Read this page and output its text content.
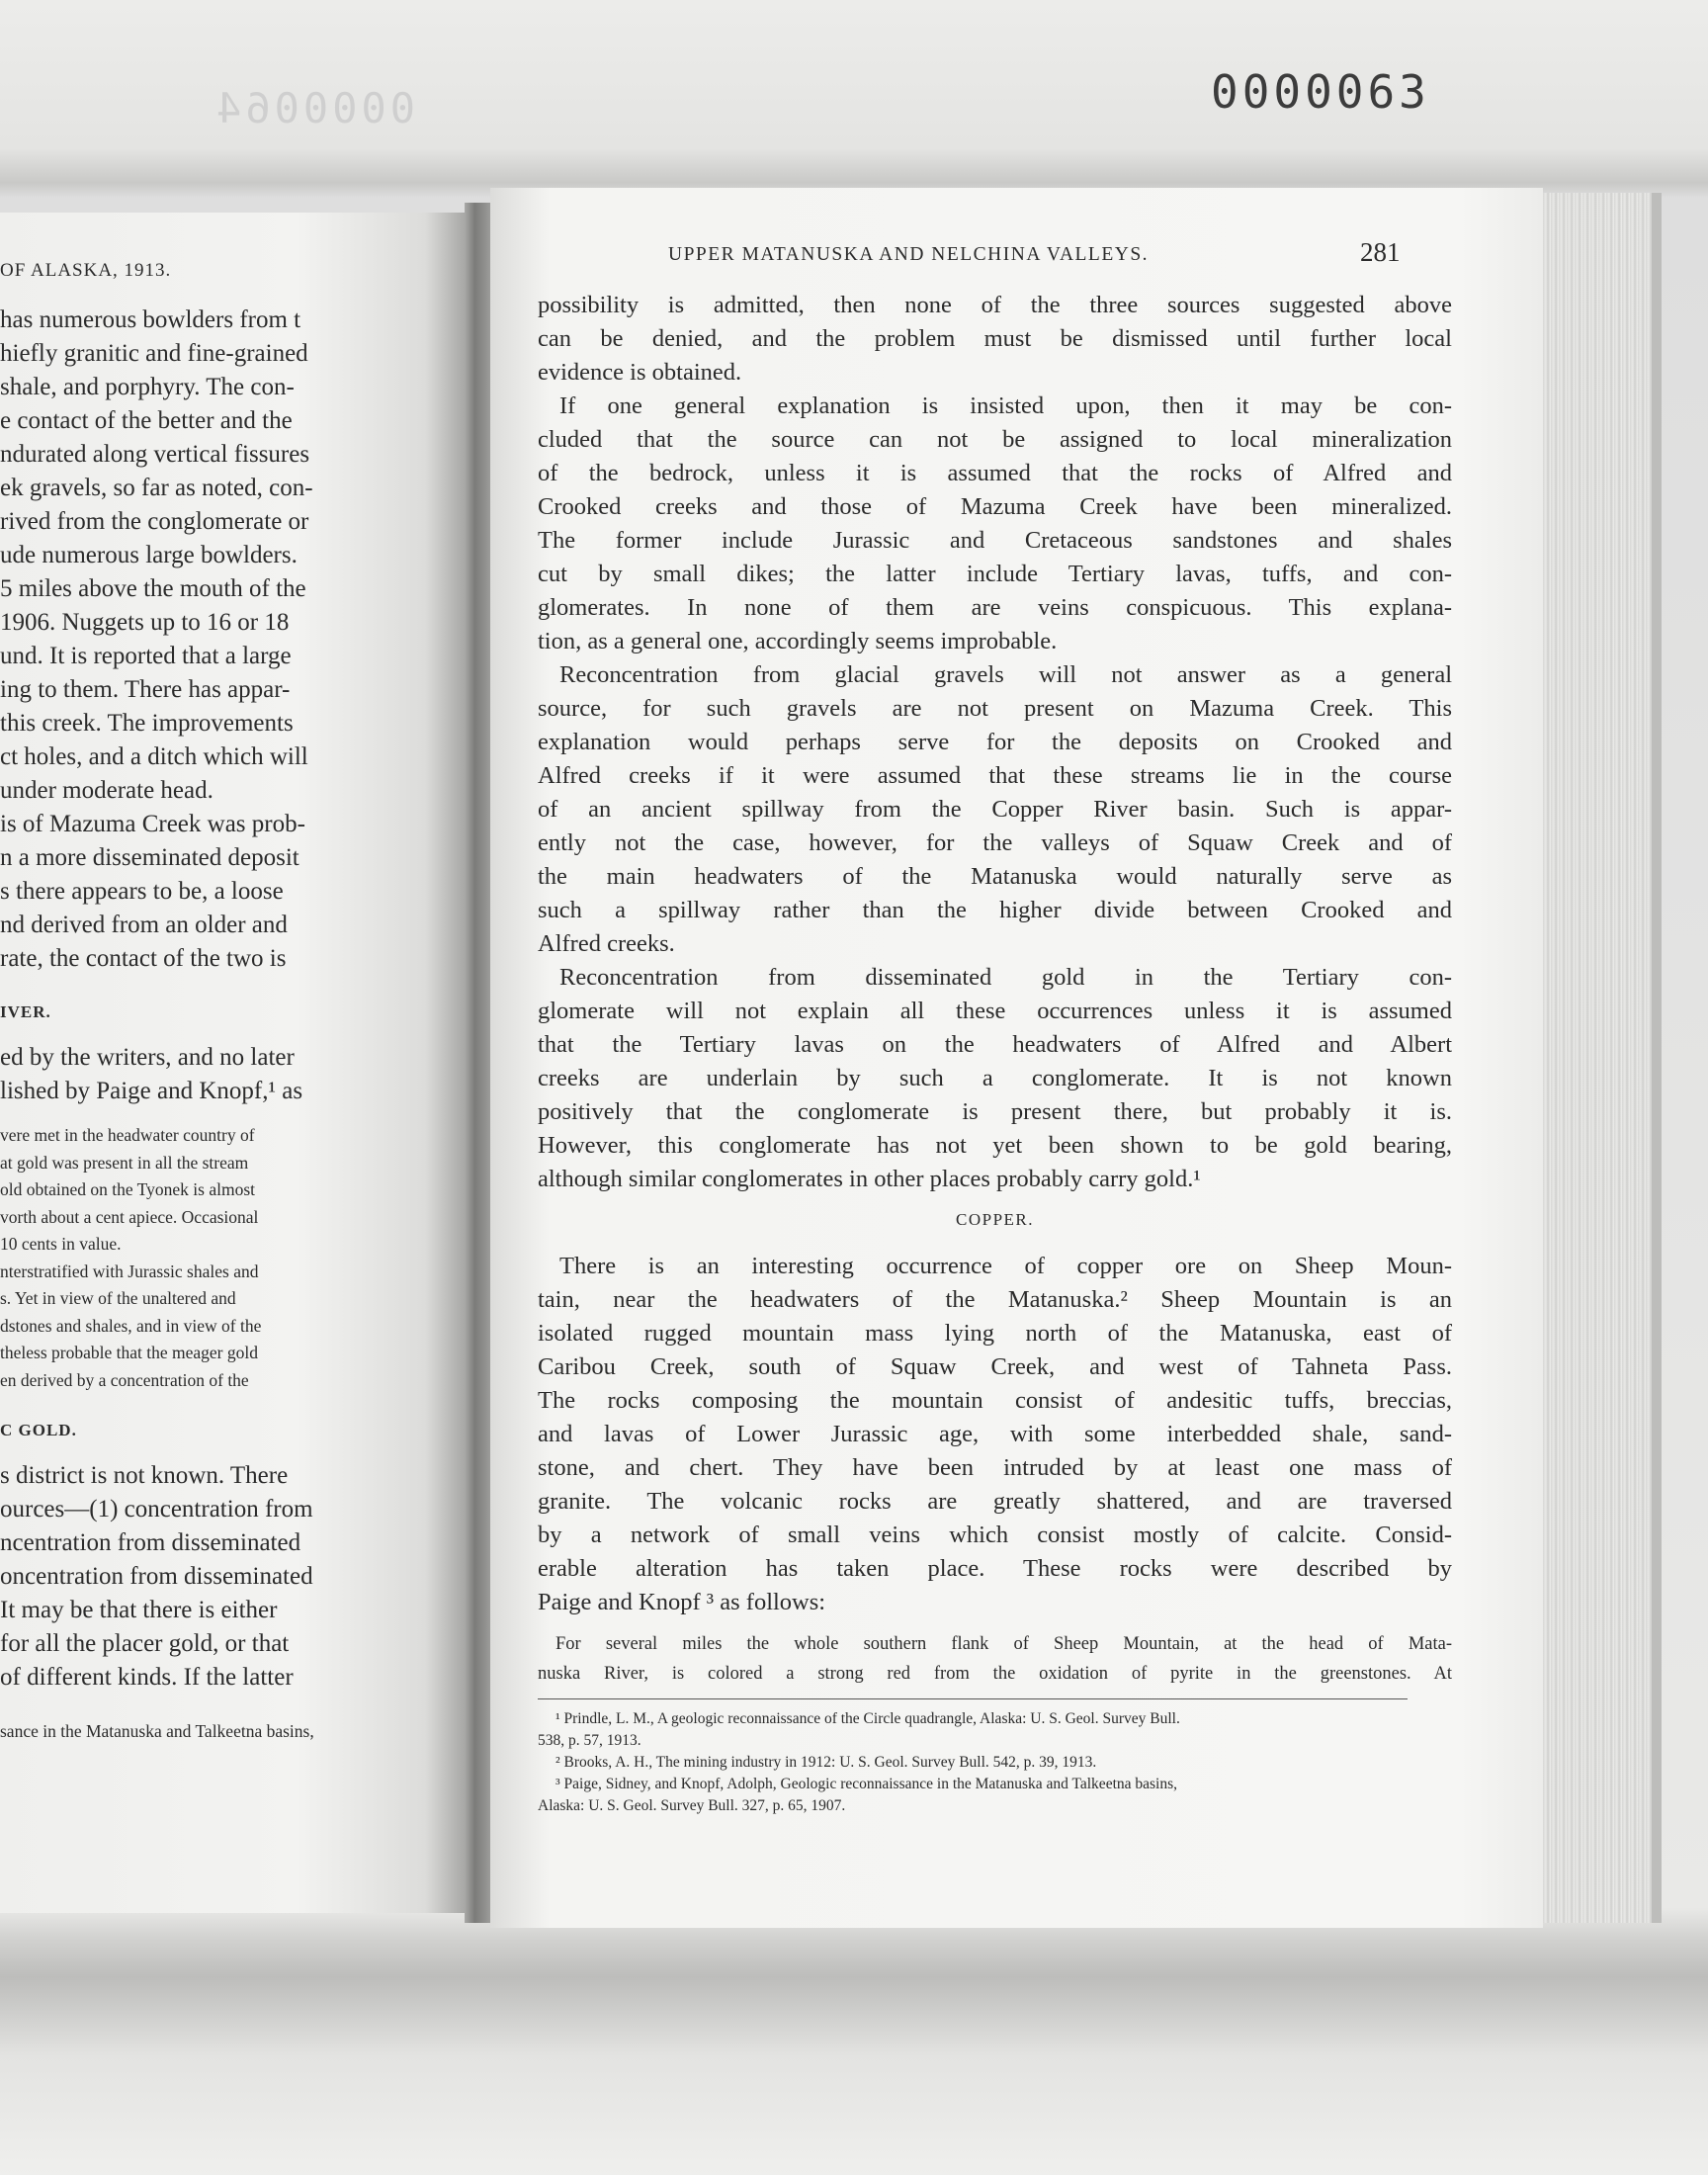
0000064	0000063
OF ALASKA, 1913.
has numerous bowlders from t
hiefly granitic and fine-grained
shale, and porphyry. The con-
e contact of the better and the
ndurated along vertical fissures
ek gravels, so far as noted, con-
rived from the conglomerate or
ude numerous large bowlders.
5 miles above the mouth of the
1906. Nuggets up to 16 or 18
und. It is reported that a large
ing to them. There has appar-
this creek. The improvements
ct holes, and a ditch which will
under moderate head.
is of Mazuma Creek was prob-
n a more disseminated deposit
s there appears to be, a loose
nd derived from an older and
rate, the contact of the two is
IVER.
ed by the writers, and no later
lished by Paige and Knopf,¹ as
vere met in the headwater country of
at gold was present in all the stream
old obtained on the Tyonek is almost
vorth about a cent apiece. Occasional
10 cents in value.
nterstratified with Jurassic shales and
s. Yet in view of the unaltered and
dstones and shales, and in view of the
theless probable that the meager gold
en derived by a concentration of the
C GOLD.
s district is not known. There
ources—(1) concentration from
ncentration from disseminated
oncentration from disseminated
It may be that there is either
for all the placer gold, or that
of different kinds. If the latter
sance in the Matanuska and Talkeetna basins,
UPPER MATANUSKA AND NELCHINA VALLEYS.	281
possibility is admitted, then none of the three sources suggested above
can be denied, and the problem must be dismissed until further local
evidence is obtained.
If one general explanation is insisted upon, then it may be con-
cluded that the source can not be assigned to local mineralization
of the bedrock, unless it is assumed that the rocks of Alfred and
Crooked creeks and those of Mazuma Creek have been mineralized.
The former include Jurassic and Cretaceous sandstones and shales
cut by small dikes; the latter include Tertiary lavas, tuffs, and con-
glomerates. In none of them are veins conspicuous. This explana-
tion, as a general one, accordingly seems improbable.
Reconcentration from glacial gravels will not answer as a general
source, for such gravels are not present on Mazuma Creek. This
explanation would perhaps serve for the deposits on Crooked and
Alfred creeks if it were assumed that these streams lie in the course
of an ancient spillway from the Copper River basin. Such is appar-
ently not the case, however, for the valleys of Squaw Creek and of
the main headwaters of the Matanuska would naturally serve as
such a spillway rather than the higher divide between Crooked and
Alfred creeks.
Reconcentration from disseminated gold in the Tertiary con-
glomerate will not explain all these occurrences unless it is assumed
that the Tertiary lavas on the headwaters of Alfred and Albert
creeks are underlain by such a conglomerate. It is not known
positively that the conglomerate is present there, but probably it is.
However, this conglomerate has not yet been shown to be gold bearing,
although similar conglomerates in other places probably carry gold.¹
COPPER.
There is an interesting occurrence of copper ore on Sheep Moun-
tain, near the headwaters of the Matanuska.² Sheep Mountain is an
isolated rugged mountain mass lying north of the Matanuska, east of
Caribou Creek, south of Squaw Creek, and west of Tahneta Pass.
The rocks composing the mountain consist of andesitic tuffs, breccias,
and lavas of Lower Jurassic age, with some interbedded shale, sand-
stone, and chert. They have been intruded by at least one mass of
granite. The volcanic rocks are greatly shattered, and are traversed
by a network of small veins which consist mostly of calcite. Consid-
erable alteration has taken place. These rocks were described by
Paige and Knopf ³ as follows:
For several miles the whole southern flank of Sheep Mountain, at the head of Mata-
nuska River, is colored a strong red from the oxidation of pyrite in the greenstones. At
¹ Prindle, L. M., A geologic reconnaissance of the Circle quadrangle, Alaska: U. S. Geol. Survey Bull.
538, p. 57, 1913.
² Brooks, A. H., The mining industry in 1912: U. S. Geol. Survey Bull. 542, p. 39, 1913.
³ Paige, Sidney, and Knopf, Adolph, Geologic reconnaissance in the Matanuska and Talkeetna basins,
Alaska: U. S. Geol. Survey Bull. 327, p. 65, 1907.
